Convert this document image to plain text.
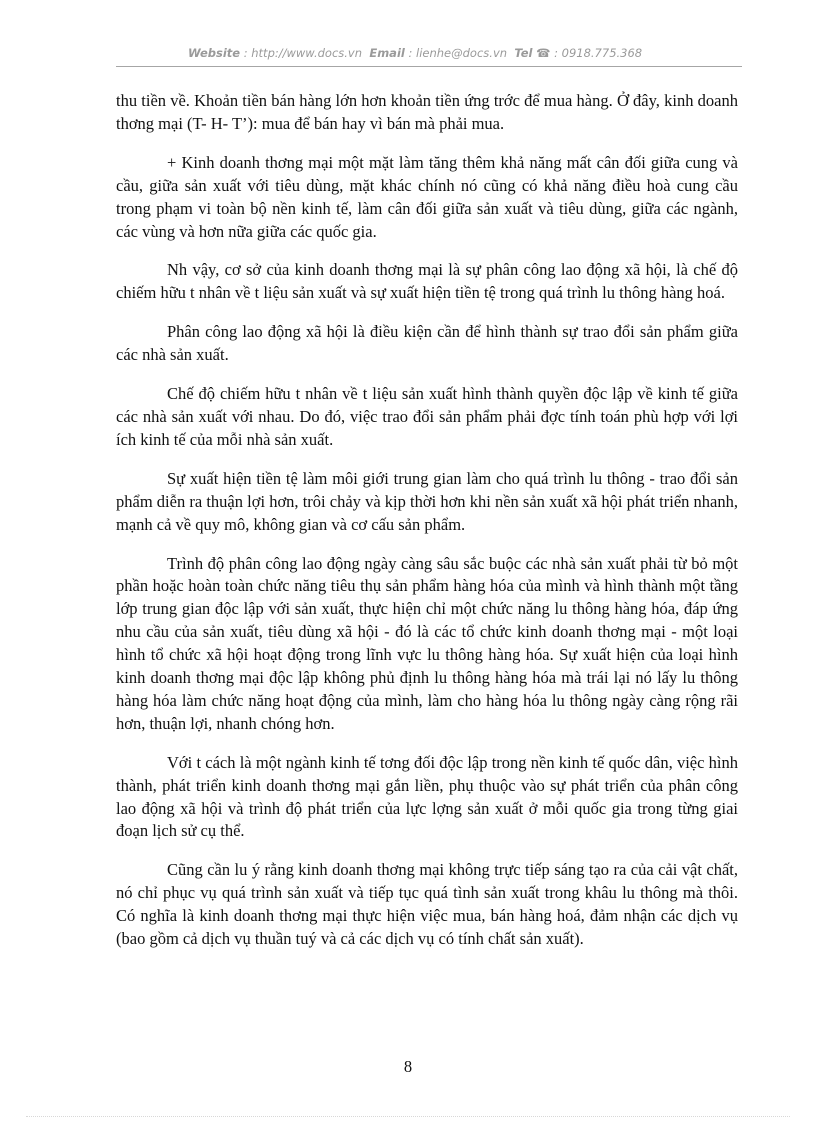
Website : http://www.docs.vn Email : lienhe@docs.vn Tel ☎ : 0918.775.368

thu tiền về. Khoản tiền bán hàng lớn hơn khoản tiền ứng trớc để mua hàng. Ở đây, kinh doanh thơng mại (T- H- T’): mua để bán hay vì bán mà phải mua.

+ Kinh doanh thơng mại một mặt làm tăng thêm khả năng mất cân đối giữa cung và cầu, giữa sản xuất với tiêu dùng, mặt khác chính nó cũng có khả năng điều hoà cung cầu trong phạm vi toàn bộ nền kinh tế, làm cân đối giữa sản xuất và tiêu dùng, giữa các ngành, các vùng và hơn nữa giữa các quốc gia.

Nh vậy, cơ sở của kinh doanh thơng mại là sự phân công lao động xã hội, là chế độ chiếm hữu t nhân về t liệu sản xuất và sự xuất hiện tiền tệ trong quá trình lu thông hàng hoá.

Phân công lao động xã hội là điều kiện cần để hình thành sự trao đổi sản phẩm giữa các nhà sản xuất.

Chế độ chiếm hữu t nhân về t liệu sản xuất hình thành quyền độc lập về kinh tế giữa các nhà sản xuất với nhau. Do đó, việc trao đổi sản phẩm phải đợc tính toán phù hợp với lợi ích kinh tế của mỗi nhà sản xuất.

Sự xuất hiện tiền tệ làm môi giới trung gian làm cho quá trình lu thông - trao đổi sản phẩm diễn ra thuận lợi hơn, trôi chảy và kịp thời hơn khi nền sản xuất xã hội phát triển nhanh, mạnh cả về quy mô, không gian và cơ cấu sản phẩm.

Trình độ phân công lao động ngày càng sâu sắc buộc các nhà sản xuất phải từ bỏ một phần hoặc hoàn toàn chức năng tiêu thụ sản phẩm hàng hóa của mình và hình thành một tầng lớp trung gian độc lập với sản xuất, thực hiện chỉ một chức năng lu thông hàng hóa, đáp ứng nhu cầu của sản xuất, tiêu dùng xã hội - đó là các tổ chức kinh doanh thơng mại - một loại hình tổ chức xã hội hoạt động trong lĩnh vực lu thông hàng hóa. Sự xuất hiện của loại hình kinh doanh thơng mại độc lập không phủ định lu thông hàng hóa mà trái lại nó lấy lu thông hàng hóa làm chức năng hoạt động của mình, làm cho hàng hóa lu thông ngày càng rộng rãi hơn, thuận lợi, nhanh chóng hơn.

Với t cách là một ngành kinh tế tơng đối độc lập trong nền kinh tế quốc dân, việc hình thành, phát triển kinh doanh thơng mại gắn liền, phụ thuộc vào sự phát triển của phân công lao động xã hội và trình độ phát triển của lực lợng sản xuất ở mỗi quốc gia trong từng giai đoạn lịch sử cụ thể.

Cũng cần lu ý rằng kinh doanh thơng mại không trực tiếp sáng tạo ra của cải vật chất, nó chỉ phục vụ quá trình sản xuất và tiếp tục quá tình sản xuất trong khâu lu thông mà thôi. Có nghĩa là kinh doanh thơng mại thực hiện việc mua, bán hàng hoá, đảm nhận các dịch vụ (bao gồm cả dịch vụ thuần tuý và cả các dịch vụ có tính chất sản xuất).

8
